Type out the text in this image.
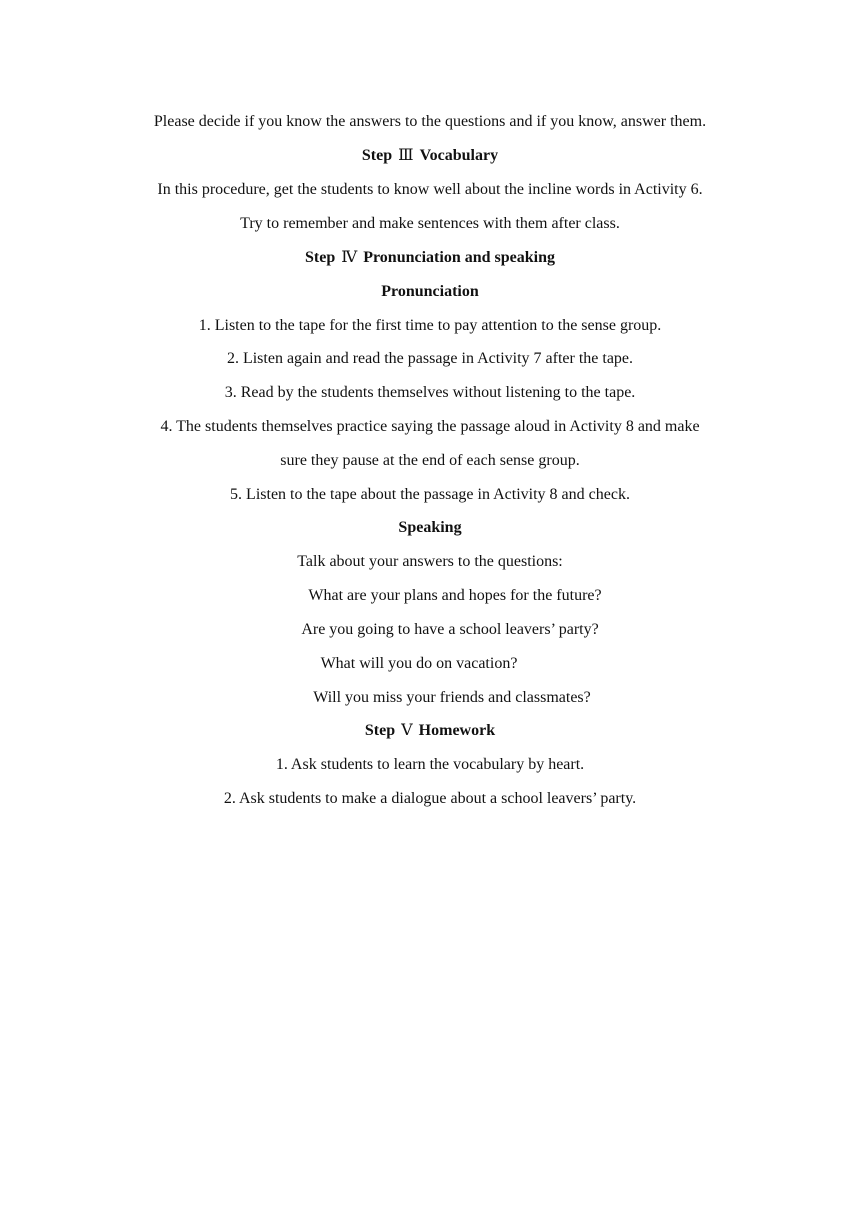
Please decide if you know the answers to the questions and if you know, answer them.
Step Ⅲ Vocabulary
In this procedure, get the students to know well about the incline words in Activity 6.
Try to remember and make sentences with them after class.
Step Ⅳ Pronunciation and speaking
Pronunciation
1. Listen to the tape for the first time to pay attention to the sense group.
2. Listen again and read the passage in Activity 7 after the tape.
3. Read by the students themselves without listening to the tape.
4. The students themselves practice saying the passage aloud in Activity 8 and make
sure they pause at the end of each sense group.
5. Listen to the tape about the passage in Activity 8 and check.
Speaking
Talk about your answers to the questions:
What are your plans and hopes for the future?
Are you going to have a school leavers’ party?
What will you do on vacation?
Will you miss your friends and classmates?
Step Ⅴ Homework
1. Ask students to learn the vocabulary by heart.
2. Ask students to make a dialogue about a school leavers’ party.
